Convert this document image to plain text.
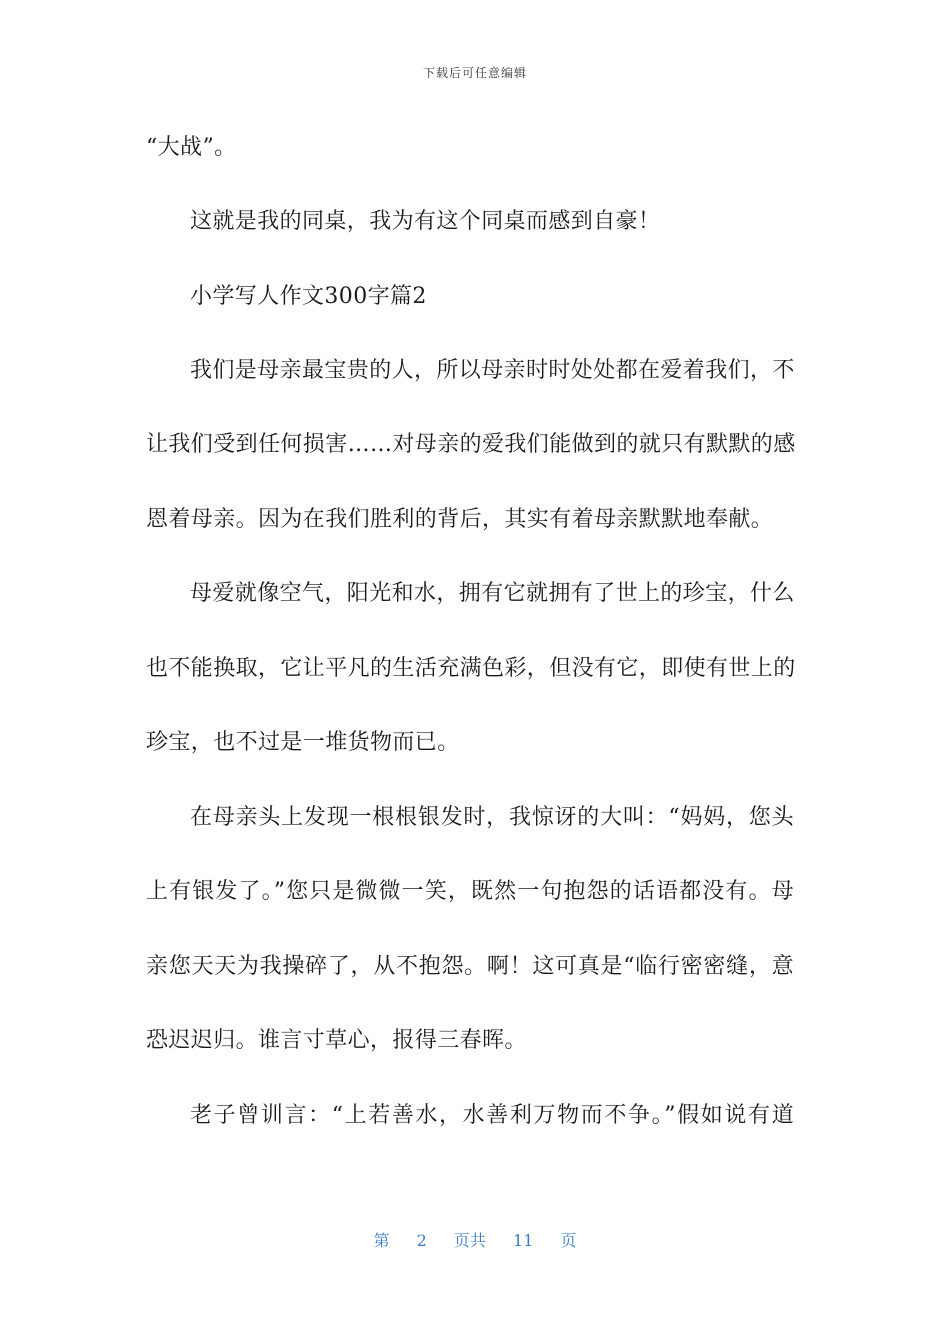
下载后可任意编辑
“大战”。
这就是我的同桌，我为有这个同桌而感到自豪！
小学写人作文300字篇2
我们是母亲最宝贵的人，所以母亲时时处处都在爱着我们，不
让我们受到任何损害……对母亲的爱我们能做到的就只有默默的感
恩着母亲。因为在我们胜利的背后，其实有着母亲默默地奉献。
母爱就像空气，阳光和水，拥有它就拥有了世上的珍宝，什么
也不能换取，它让平凡的生活充满色彩，但没有它，即使有世上的
珍宝，也不过是一堆货物而已。
在母亲头上发现一根根银发时，我惊讶的大叫：“妈妈，您头
上有银发了。”您只是微微一笑，既然一句抱怨的话语都没有。母
亲您天天为我操碎了，从不抱怨。啊！这可真是“临行密密缝，意
恐迟迟归。谁言寸草心，报得三春晖。
老子曾训言：“上若善水，水善利万物而不争。”假如说有道
第 2 页共 11 页
